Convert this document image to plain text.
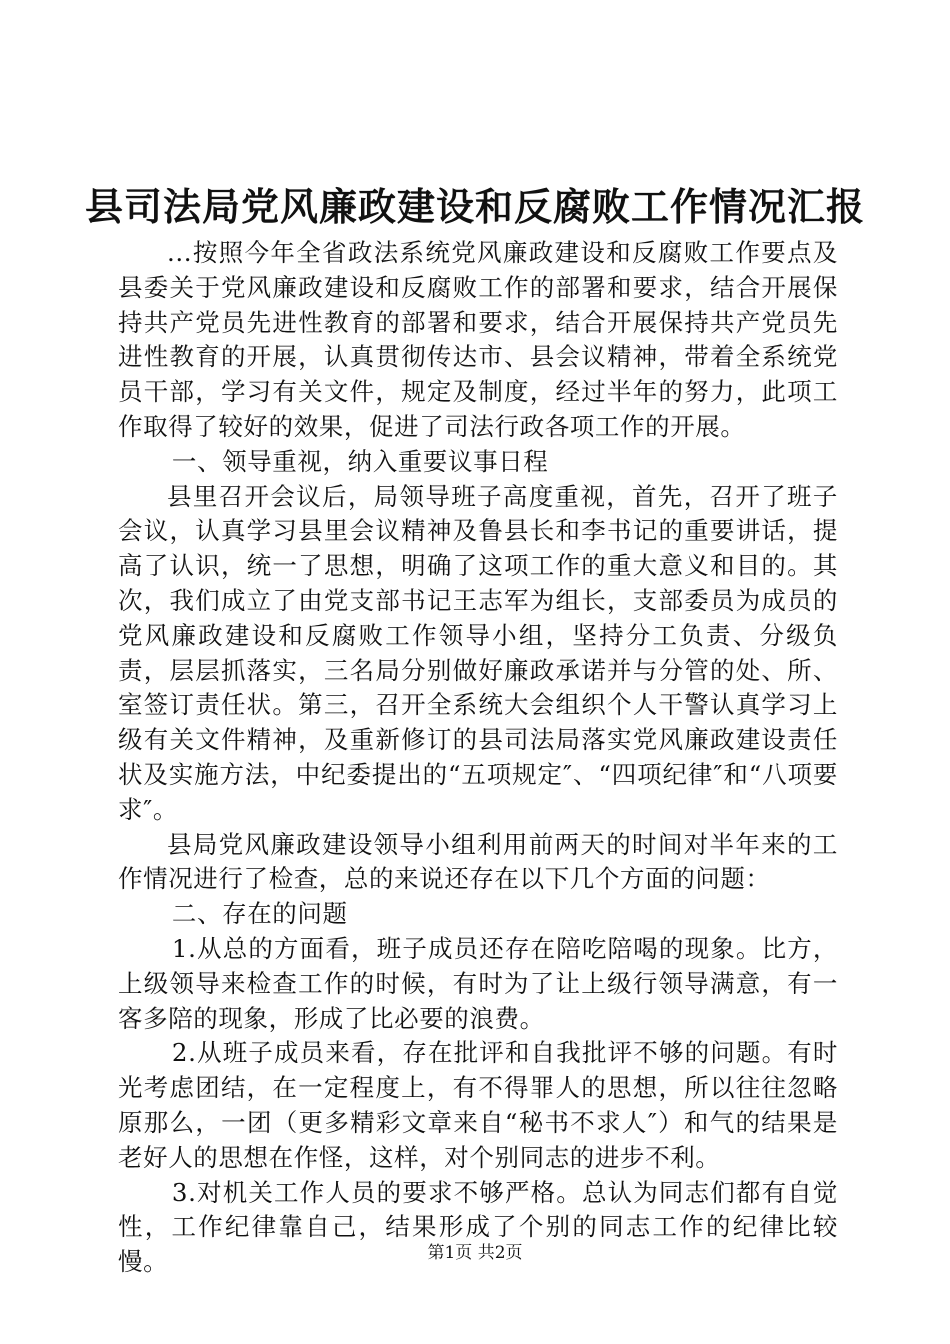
县司法局党风廉政建设和反腐败工作情况汇报

...按照今年全省政法系统党风廉政建设和反腐败工作要点及县委关于党风廉政建设和反腐败工作的部署和要求，结合开展保持共产党员先进性教育的部署和要求，结合开展保持共产党员先进性教育的开展，认真贯彻传达市、县会议精神，带着全系统党员干部，学习有关文件，规定及制度，经过半年的努力，此项工作取得了较好的效果，促进了司法行政各项工作的开展。

一、领导重视，纳入重要议事日程

县里召开会议后，局领导班子高度重视，首先，召开了班子会议，认真学习县里会议精神及鲁县长和李书记的重要讲话，提高了认识，统一了思想，明确了这项工作的重大意义和目的。其次，我们成立了由党支部书记王志军为组长，支部委员为成员的党风廉政建设和反腐败工作领导小组，坚持分工负责、分级负责，层层抓落实，三名局分别做好廉政承诺并与分管的处、所、室签订责任状。第三，召开全系统大会组织个人干警认真学习上级有关文件精神，及重新修订的县司法局落实党风廉政建设责任状及实施方法，中纪委提出的“五项规定″、“四项纪律″和“八项要求″。

县局党风廉政建设领导小组利用前两天的时间对半年来的工作情况进行了检查，总的来说还存在以下几个方面的问题：

二、存在的问题

1.从总的方面看，班子成员还存在陪吃陪喝的现象。比方，上级领导来检查工作的时候，有时为了让上级行领导满意，有一客多陪的现象，形成了比必要的浪费。

2.从班子成员来看，存在批评和自我批评不够的问题。有时光考虑团结，在一定程度上，有不得罪人的思想，所以往往忽略原那么，一团（更多精彩文章来自“秘书不求人″）和气的结果是老好人的思想在作怪，这样，对个别同志的进步不利。

3.对机关工作人员的要求不够严格。总认为同志们都有自觉性，工作纪律靠自己，结果形成了个别的同志工作的纪律比较慢。	第1页 共2页
